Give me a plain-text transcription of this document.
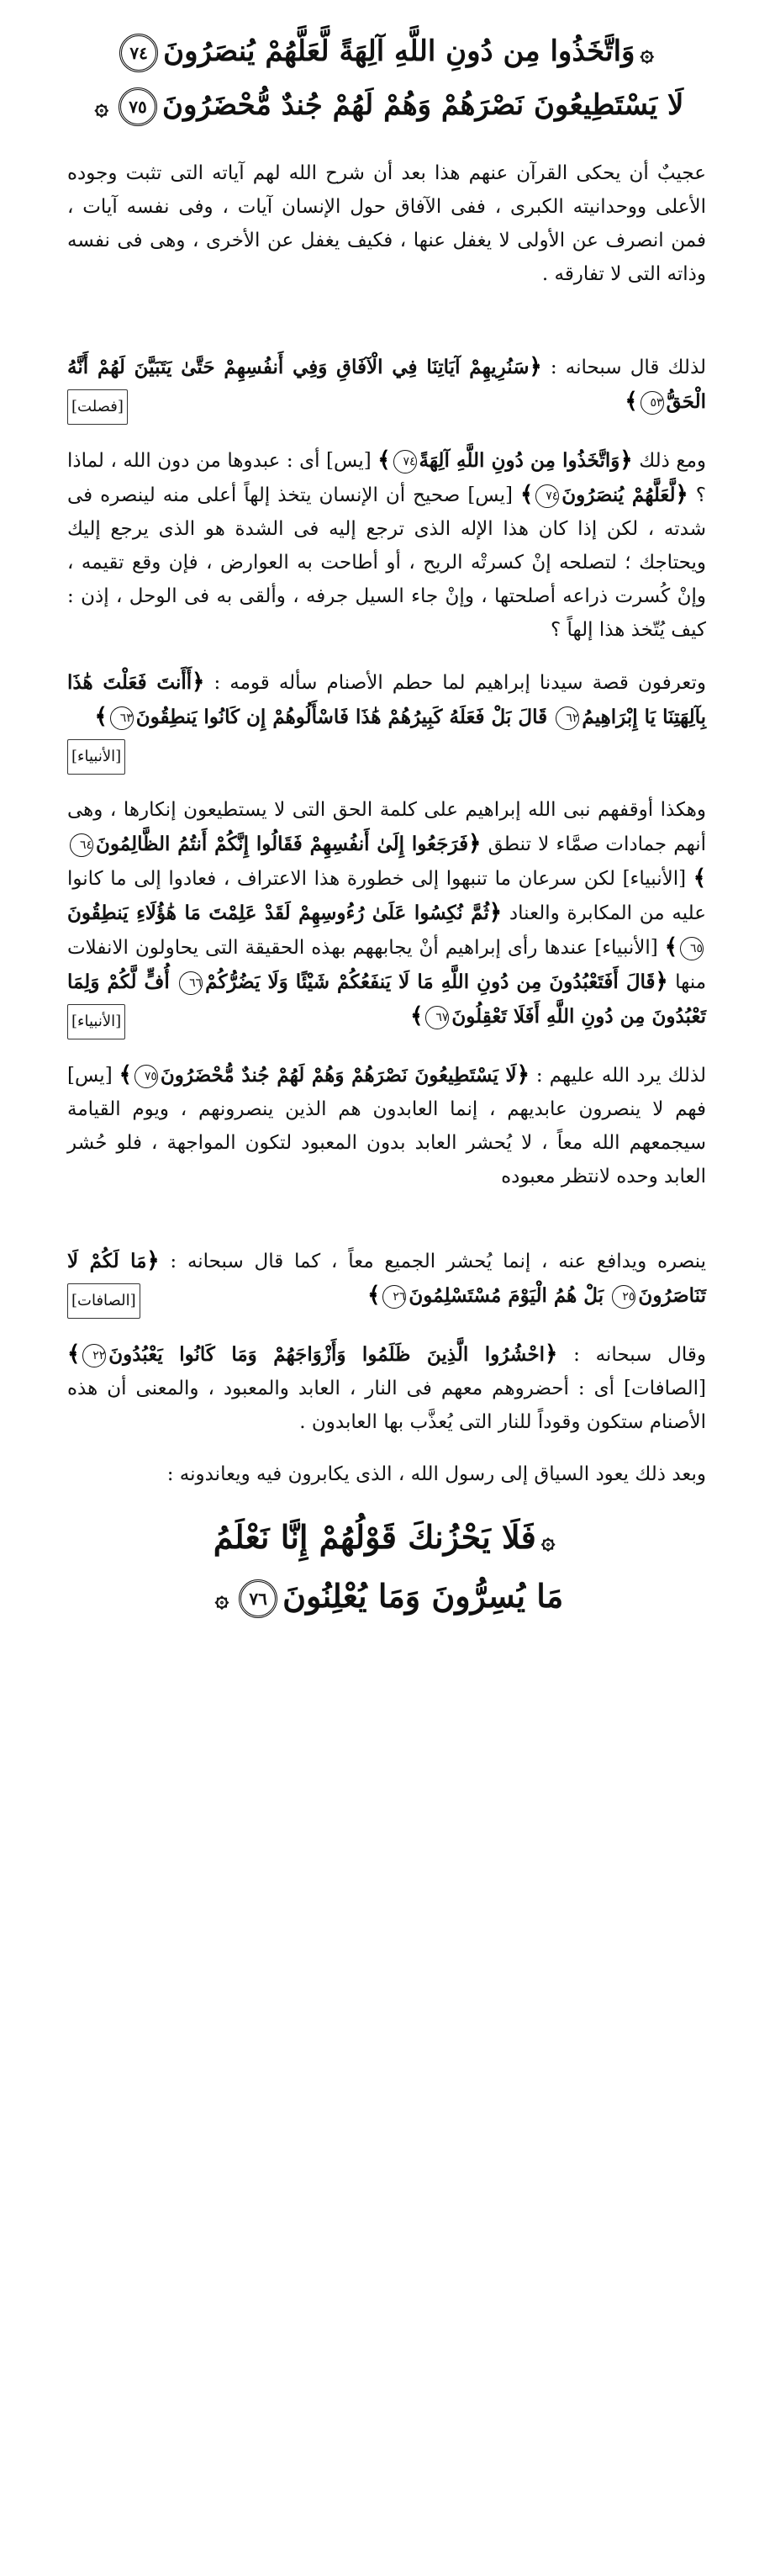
۞وَاتَّخَذُوا مِن دُونِ اللَّهِ آلِهَةً لَّعَلَّهُمْ يُنصَرُونَ٧٤
لَا يَسْتَطِيعُونَ نَصْرَهُمْ وَهُمْ لَهُمْ جُندٌ مُّحْضَرُونَ٧٥۞

عجيبٌ أن يحكى القرآن عنهم هذا بعد أن شرح الله لهم آياته التى تثبت وجوده الأعلى ووحدانيته الكبرى ، ففى الآفاق حول الإنسان آيات ، وفى نفسه آيات ، فمن انصرف عن الأولى لا يغفل عنها ، فكيف يغفل عن الأخرى ، وهى فى نفسه وذاته التى لا تفارقه .

لذلك قال سبحانه : ﴿سَنُرِيهِمْ آيَاتِنَا فِي الْآفَاقِ وَفِي أَنفُسِهِمْ حَتَّىٰ يَتَبَيَّنَ لَهُمْ أَنَّهُ الْحَقُّ٥٣﴾
[فصلت]

ومع ذلك ﴿وَاتَّخَذُوا مِن دُونِ اللَّهِ آلِهَةً٧٤﴾ [يس] أى : عبدوها من دون الله ، لماذا ؟ ﴿لَّعَلَّهُمْ يُنصَرُونَ٧٤﴾ [يس] صحيح أن الإنسان يتخذ إلهاً أعلى منه لينصره فى شدته ، لكن إذا كان هذا الإله الذى ترجع إليه فى الشدة هو الذى يرجع إليك ويحتاجك ؛ لتصلحه إنْ كسرتْه الريح ، أو أطاحت به العوارض ، فإن وقع تقيمه ، وإنْ كُسرت ذراعه أصلحتها ، وإنْ جاء السيل جرفه ، وألقى به فى الوحل ، إذن : كيف يُتّخذ هذا إلهاً ؟

وتعرفون قصة سيدنا إبراهيم لما حطم الأصنام سأله قومه : ﴿أَأَنتَ فَعَلْتَ هَٰذَا بِآلِهَتِنَا يَا إِبْرَاهِيمُ٦٢ قَالَ بَلْ فَعَلَهُ كَبِيرُهُمْ هَٰذَا فَاسْأَلُوهُمْ إِن كَانُوا يَنطِقُونَ٦٣﴾
[الأنبياء]

وهكذا أوقفهم نبى الله إبراهيم على كلمة الحق التى لا يستطيعون إنكارها ، وهى أنهم جمادات صمَّاء لا تنطق ﴿فَرَجَعُوا إِلَىٰ أَنفُسِهِمْ فَقَالُوا إِنَّكُمْ أَنتُمُ الظَّالِمُونَ٦٤﴾ [الأنبياء] لكن سرعان ما تنبهوا إلى خطورة هذا الاعتراف ، فعادوا إلى ما كانوا عليه من المكابرة والعناد ﴿ثُمَّ نُكِسُوا عَلَىٰ رُءُوسِهِمْ لَقَدْ عَلِمْتَ مَا هَٰؤُلَاءِ يَنطِقُونَ٦٥﴾ [الأنبياء] عندها رأى إبراهيم أنْ يجابههم بهذه الحقيقة التى يحاولون الانفلات منها ﴿قَالَ أَفَتَعْبُدُونَ مِن دُونِ اللَّهِ مَا لَا يَنفَعُكُمْ شَيْئًا وَلَا يَضُرُّكُمْ٦٦ أُفٍّ لَّكُمْ وَلِمَا تَعْبُدُونَ مِن دُونِ اللَّهِ أَفَلَا تَعْقِلُونَ٦٧﴾
[الأنبياء]

لذلك يرد الله عليهم : ﴿لَا يَسْتَطِيعُونَ نَصْرَهُمْ وَهُمْ لَهُمْ جُندٌ مُّحْضَرُونَ٧٥﴾ [يس] فهم لا ينصرون عابديهم ، إنما العابدون هم الذين ينصرونهم ، ويوم القيامة سيجمعهم الله معاً ، لا يُحشر العابد بدون المعبود لتكون المواجهة ، فلو حُشر العابد وحده لانتظر معبوده

ينصره ويدافع عنه ، إنما يُحشر الجميع معاً ، كما قال سبحانه : ﴿مَا لَكُمْ لَا تَنَاصَرُونَ٢٥ بَلْ هُمُ الْيَوْمَ مُسْتَسْلِمُونَ٢٦﴾
[الصافات]

وقال سبحانه : ﴿احْشُرُوا الَّذِينَ ظَلَمُوا وَأَزْوَاجَهُمْ وَمَا كَانُوا يَعْبُدُونَ٢٢﴾ [الصافات] أى : أحضروهم معهم فى النار ، العابد والمعبود ، والمعنى أن هذه الأصنام ستكون وقوداً للنار التى يُعذَّب بها العابدون .

وبعد ذلك يعود السياق إلى رسول الله ، الذى يكابرون فيه ويعاندونه :

۞فَلَا يَحْزُنكَ قَوْلُهُمْ إِنَّا نَعْلَمُ
مَا يُسِرُّونَ وَمَا يُعْلِنُونَ٧٦۞
